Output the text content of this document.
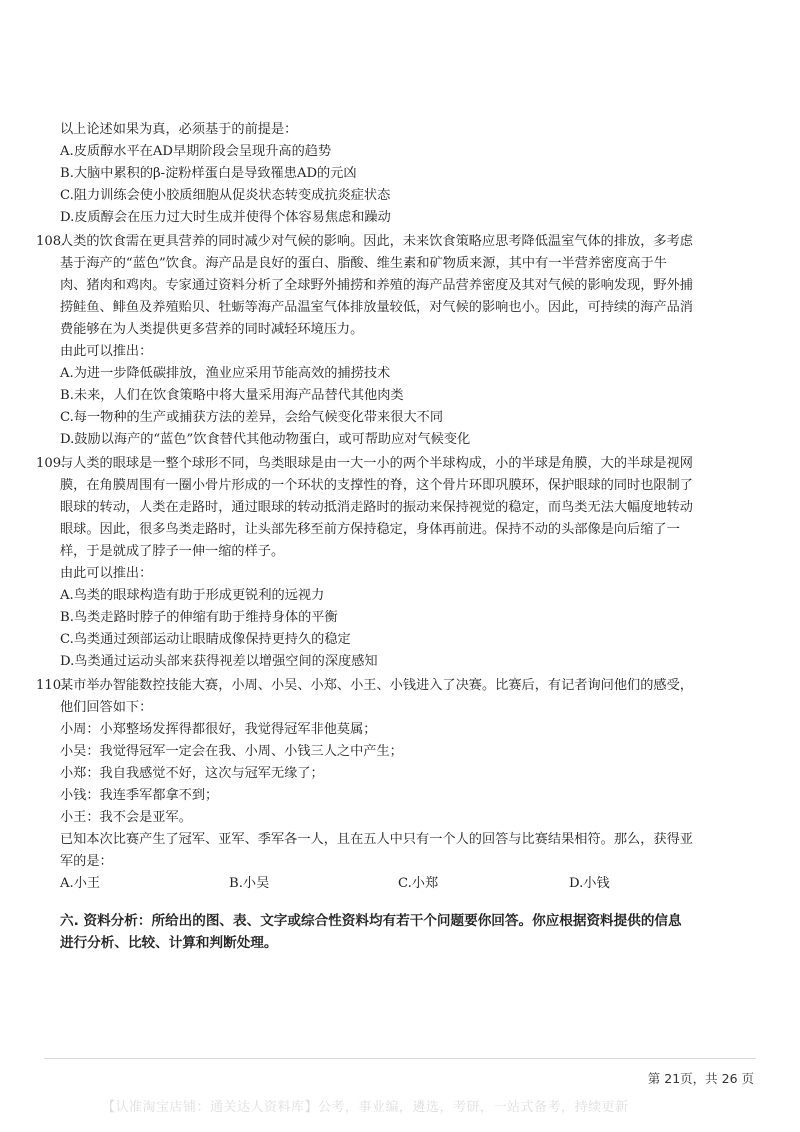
以上论述如果为真，必须基于的前提是：
A.皮质醇水平在AD早期阶段会呈现升高的趋势
B.大脑中累积的β-淀粉样蛋白是导致罹患AD的元凶
C.阻力训练会使小胶质细胞从促炎状态转变成抗炎症状态
D.皮质醇会在压力过大时生成并使得个体容易焦虑和躁动
108.
人类的饮食需在更具营养的同时减少对气候的影响。因此，未来饮食策略应思考降低温室气体的排放，多考虑
基于海产的“蓝色”饮食。海产品是良好的蛋白、脂酸、维生素和矿物质来源，其中有一半营养密度高于牛
肉、猪肉和鸡肉。专家通过资料分析了全球野外捕捞和养殖的海产品营养密度及其对气候的影响发现，野外捕
捞鲑鱼、鲱鱼及养殖贻贝、牡蛎等海产品温室气体排放量较低，对气候的影响也小。因此，可持续的海产品消
费能够在为人类提供更多营养的同时减轻环境压力。
由此可以推出：
A.为进一步降低碳排放，渔业应采用节能高效的捕捞技术
B.未来，人们在饮食策略中将大量采用海产品替代其他肉类
C.每一物种的生产或捕获方法的差异，会给气候变化带来很大不同
D.鼓励以海产的“蓝色”饮食替代其他动物蛋白，或可帮助应对气候变化
109.
与人类的眼球是一整个球形不同，鸟类眼球是由一大一小的两个半球构成，小的半球是角膜，大的半球是视网
膜，在角膜周围有一圈小骨片形成的一个环状的支撑性的脊，这个骨片环即巩膜环，保护眼球的同时也限制了
眼球的转动，人类在走路时，通过眼球的转动抵消走路时的振动来保持视觉的稳定，而鸟类无法大幅度地转动
眼球。因此，很多鸟类走路时，让头部先移至前方保持稳定，身体再前进。保持不动的头部像是向后缩了一
样，于是就成了脖子一伸一缩的样子。
由此可以推出：
A.鸟类的眼球构造有助于形成更锐利的远视力
B.鸟类走路时脖子的伸缩有助于维持身体的平衡
C.鸟类通过颈部运动让眼睛成像保持更持久的稳定
D.鸟类通过运动头部来获得视差以增强空间的深度感知
110.
某市举办智能数控技能大赛，小周、小吴、小郑、小王、小钱进入了决赛。比赛后，有记者询问他们的感受，
他们回答如下：
小周：小郑整场发挥得都很好，我觉得冠军非他莫属；
小吴：我觉得冠军一定会在我、小周、小钱三人之中产生；
小郑：我自我感觉不好，这次与冠军无缘了；
小钱：我连季军都拿不到；
小王：我不会是亚军。
已知本次比赛产生了冠军、亚军、季军各一人，且在五人中只有一个人的回答与比赛结果相符。那么，获得亚
军的是：
A.小王	B.小吴	C.小郑	D.小钱
六. 资料分析：所给出的图、表、文字或综合性资料均有若干个问题要你回答。你应根据资料提供的信息
进行分析、比较、计算和判断处理。
第 21页，共 26 页
【认准淘宝店铺：通关达人资料库】公考，事业编，遴选，考研，一站式备考，持续更新
